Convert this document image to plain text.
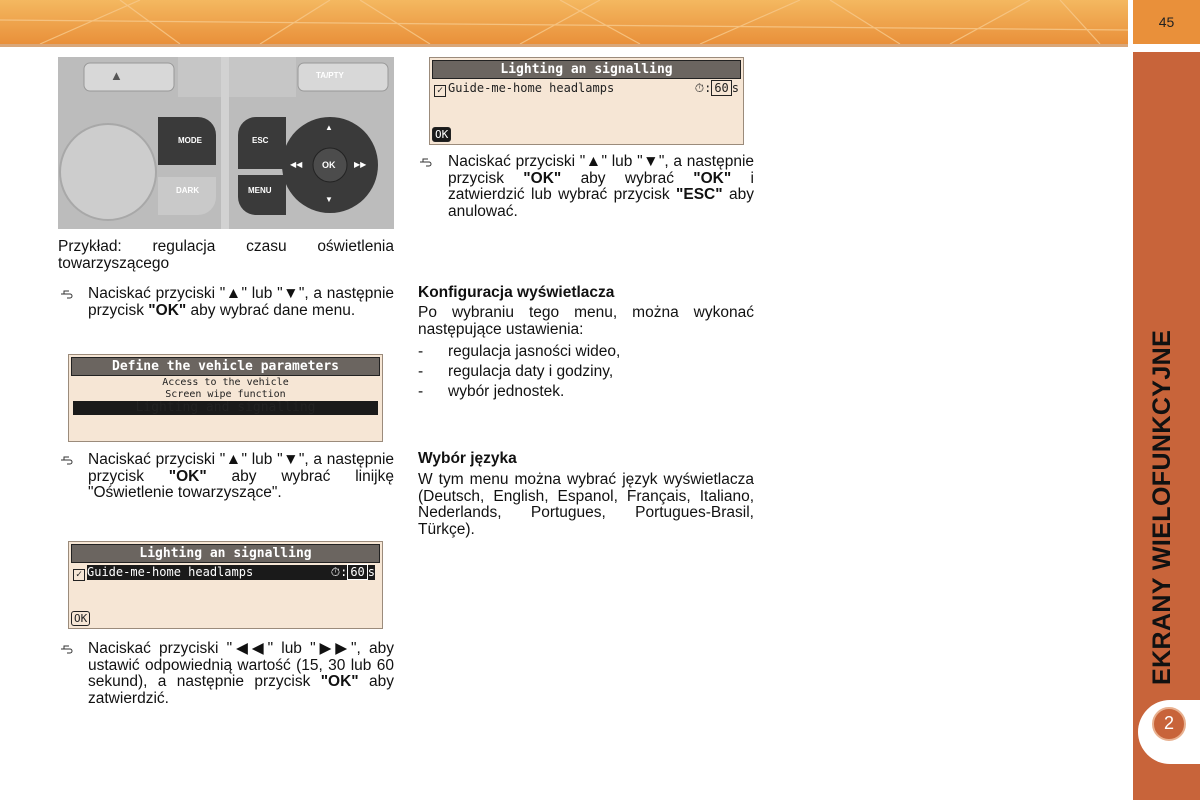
45
EKRANY WIELOFUNKCYJNE
2
▲	TA/PTY
MODE
DARK
ESC
MENU
OK
▲
▼
◀◀	▶▶
Przykład: regulacja czasu oświetlenia towarzyszącego
Naciskać przyciski "▲" lub "▼", a następnie przycisk "OK" aby wybrać dane menu.
Define the vehicle parameters
Access to the vehicle
Screen wipe function
Lighting and signalling
Naciskać przyciski "▲" lub "▼", a następnie przycisk "OK" aby wybrać linijkę "Oświetlenie towarzyszące".
Lighting an signalling
✓ Guide-me-home headlamps	⏱: 60 s
OK
Naciskać przyciski "◀◀" lub "▶▶", aby ustawić odpowiednią wartość (15, 30 lub 60 sekund), a następnie przycisk "OK" aby zatwierdzić.
Lighting an signalling
✓ Guide-me-home headlamps	⏱: 60 s
OK
Naciskać przyciski "▲" lub "▼", a następnie przycisk "OK" aby wybrać "OK" i zatwierdzić lub wybrać przycisk "ESC" aby anulować.
Konfiguracja wyświetlacza
Po wybraniu tego menu, można wykonać następujące ustawienia:
- regulacja jasności wideo,
- regulacja daty i godziny,
- wybór jednostek.
Wybór języka
W tym menu można wybrać język wyświetlacza (Deutsch, English, Espanol, Français, Italiano, Nederlands, Portugues, Portugues-Brasil, Türkçe).
